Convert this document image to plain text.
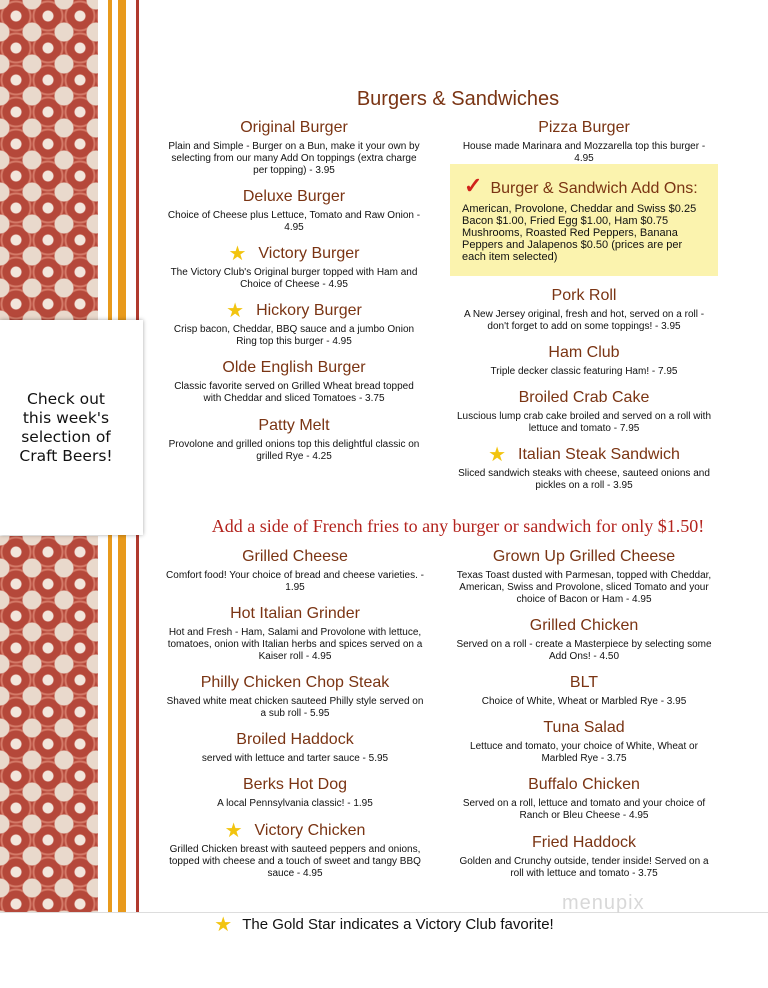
Check out this week's selection of Craft Beers!
Burgers & Sandwiches
Original Burger
Plain and Simple - Burger on a Bun, make it your own by selecting from our many Add On toppings (extra charge per topping) - 3.95
Deluxe Burger
Choice of Cheese plus Lettuce, Tomato and Raw Onion - 4.95
★ Victory Burger
The Victory Club's Original burger topped with Ham and Choice of Cheese - 4.95
★ Hickory Burger
Crisp bacon, Cheddar, BBQ sauce and a jumbo Onion Ring top this burger - 4.95
Olde English Burger
Classic favorite served on Grilled Wheat bread topped with Cheddar and sliced Tomatoes - 3.75
Patty Melt
Provolone and grilled onions top this delightful classic on grilled Rye - 4.25
Pizza Burger
House made Marinara and Mozzarella top this burger - 4.95
Pork Roll
A New Jersey original, fresh and hot, served on a roll - don't forget to add on some toppings! - 3.95
Ham Club
Triple decker classic featuring Ham! - 7.95
Broiled Crab Cake
Luscious lump crab cake broiled and served on a roll with lettuce and tomato - 7.95
★ Italian Steak Sandwich
Sliced sandwich steaks with cheese, sauteed onions and pickles on a roll - 3.95
✓ Burger & Sandwich Add Ons:
American, Provolone, Cheddar and Swiss $0.25 Bacon $1.00, Fried Egg $1.00, Ham $0.75 Mushrooms, Roasted Red Peppers, Banana Peppers and Jalapenos $0.50 (prices are per each item selected)
Add a side of French fries to any burger or sandwich for only $1.50!
Grilled Cheese
Comfort food! Your choice of bread and cheese varieties. - 1.95
Hot Italian Grinder
Hot and Fresh - Ham, Salami and Provolone with lettuce, tomatoes, onion with Italian herbs and spices served on a Kaiser roll - 4.95
Philly Chicken Chop Steak
Shaved white meat chicken sauteed Philly style served on a sub roll - 5.95
Broiled Haddock
served with lettuce and tarter sauce - 5.95
Berks Hot Dog
A local Pennsylvania classic! - 1.95
★ Victory Chicken
Grilled Chicken breast with sauteed peppers and onions, topped with cheese and a touch of sweet and tangy BBQ sauce - 4.95
Grown Up Grilled Cheese
Texas Toast dusted with Parmesan, topped with Cheddar, American, Swiss and Provolone, sliced Tomato and your choice of Bacon or Ham - 4.95
Grilled Chicken
Served on a roll - create a Masterpiece by selecting some Add Ons! - 4.50
BLT
Choice of White, Wheat or Marbled Rye - 3.95
Tuna Salad
Lettuce and tomato, your choice of White, Wheat or Marbled Rye - 3.75
Buffalo Chicken
Served on a roll, lettuce and tomato and your choice of Ranch or Bleu Cheese - 4.95
Fried Haddock
Golden and Crunchy outside, tender inside! Served on a roll with lettuce and tomato - 3.75
menupix
★ The Gold Star indicates a Victory Club favorite!
